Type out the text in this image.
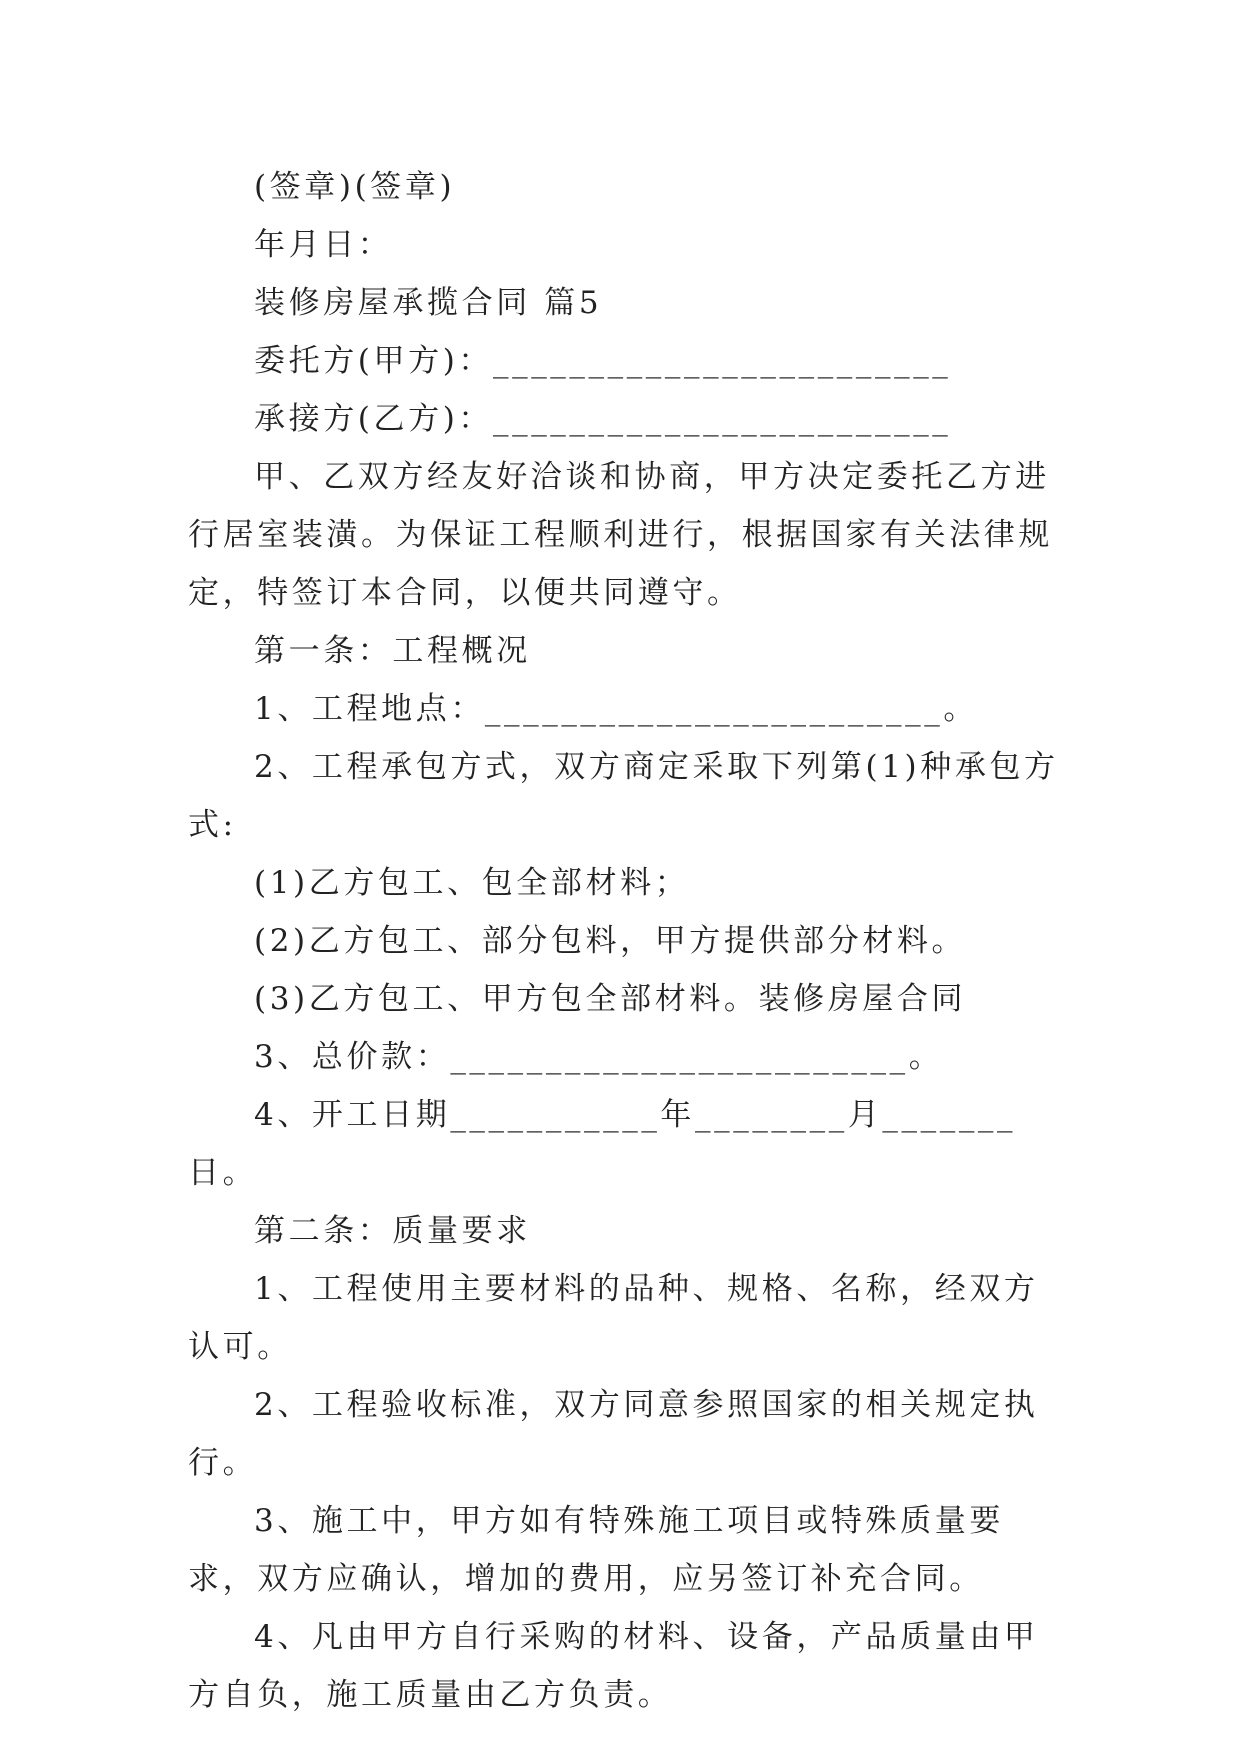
(签章)(签章)

年月日：

装修房屋承揽合同 篇5

委托方(甲方)：________________________

承接方(乙方)：________________________

甲、乙双方经友好洽谈和协商，甲方决定委托乙方进行居室装潢。为保证工程顺利进行，根据国家有关法律规定，特签订本合同，以便共同遵守。

第一条：工程概况

1、工程地点：________________________。

2、工程承包方式，双方商定采取下列第(1)种承包方式:

(1)乙方包工、包全部材料；

(2)乙方包工、部分包料，甲方提供部分材料。

(3)乙方包工、甲方包全部材料。装修房屋合同

3、总价款：________________________。

4、开工日期___________年________月_______日。

第二条：质量要求

1、工程使用主要材料的品种、规格、名称，经双方认可。

2、工程验收标准，双方同意参照国家的相关规定执行。

3、施工中，甲方如有特殊施工项目或特殊质量要求，双方应确认，增加的费用，应另签订补充合同。

4、凡由甲方自行采购的材料、设备，产品质量由甲方自负，施工质量由乙方负责。
